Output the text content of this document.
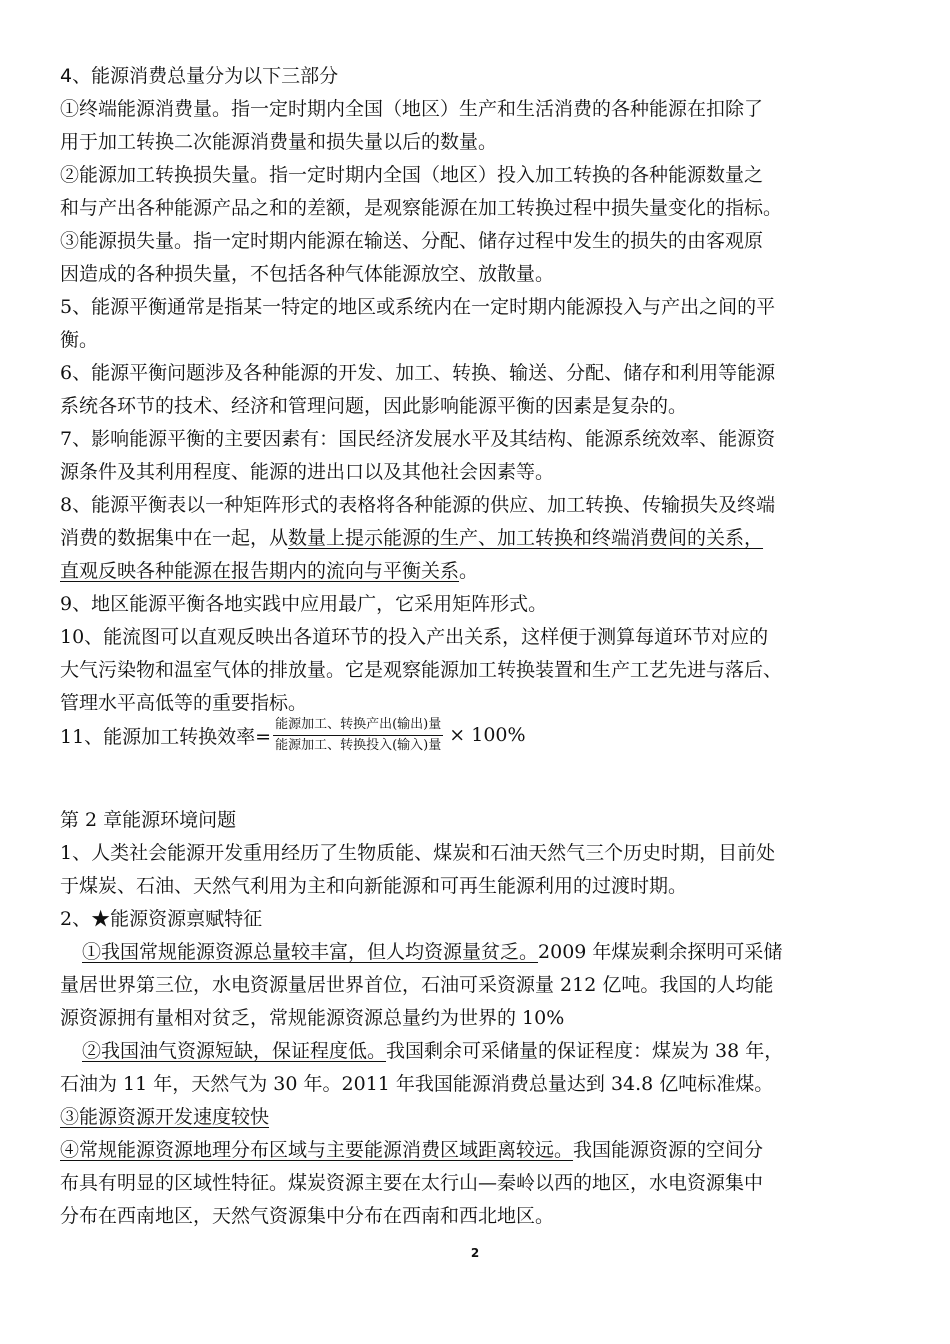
4、能源消费总量分为以下三部分

①终端能源消费量。指一定时期内全国（地区）生产和生活消费的各种能源在扣除了
用于加工转换二次能源消费量和损失量以后的数量。

②能源加工转换损失量。指一定时期内全国（地区）投入加工转换的各种能源数量之
和与产出各种能源产品之和的差额，是观察能源在加工转换过程中损失量变化的指标。

③能源损失量。指一定时期内能源在输送、分配、储存过程中发生的损失的由客观原
因造成的各种损失量，不包括各种气体能源放空、放散量。

5、能源平衡通常是指某一特定的地区或系统内在一定时期内能源投入与产出之间的平
衡。

6、能源平衡问题涉及各种能源的开发、加工、转换、输送、分配、储存和利用等能源
系统各环节的技术、经济和管理问题，因此影响能源平衡的因素是复杂的。

7、影响能源平衡的主要因素有：国民经济发展水平及其结构、能源系统效率、能源资
源条件及其利用程度、能源的进出口以及其他社会因素等。

8、能源平衡表以一种矩阵形式的表格将各种能源的供应、加工转换、传输损失及终端
消费的数据集中在一起，从数量上提示能源的生产、加工转换和终端消费间的关系，
直观反映各种能源在报告期内的流向与平衡关系。

9、地区能源平衡各地实践中应用最广，它采用矩阵形式。

10、能流图可以直观反映出各道环节的投入产出关系，这样便于测算每道环节对应的
大气污染物和温室气体的排放量。它是观察能源加工转换装置和生产工艺先进与落后、
管理水平高低等的重要指标。

11、能源加工转换效率= $\frac{\text{能源加工、转换产出(输出)量}}{\text{能源加工、转换投入(输入)量}} \times 100\%$

第 2 章能源环境问题

1、人类社会能源开发重用经历了生物质能、煤炭和石油天然气三个历史时期，目前处
于煤炭、石油、天然气利用为主和向新能源和可再生能源利用的过渡时期。

2、★能源资源禀赋特征

①我国常规能源资源总量较丰富，但人均资源量贫乏。2009 年煤炭剩余探明可采储
量居世界第三位，水电资源量居世界首位，石油可采资源量 212 亿吨。我国的人均能
源资源拥有量相对贫乏，常规能源资源总量约为世界的 10%

②我国油气资源短缺，保证程度低。我国剩余可采储量的保证程度：煤炭为 38 年，
石油为 11 年，天然气为 30 年。2011 年我国能源消费总量达到 34.8 亿吨标准煤。

③能源资源开发速度较快

④常规能源资源地理分布区域与主要能源消费区域距离较远。我国能源资源的空间分
布具有明显的区域性特征。煤炭资源主要在太行山—秦岭以西的地区，水电资源集中
分布在西南地区，天然气资源集中分布在西南和西北地区。

2
